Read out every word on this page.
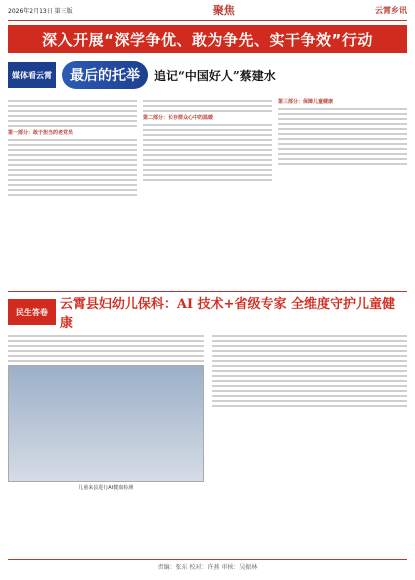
2026年2月13日 第三版	聚焦	云霄乡讯
深入开展“深学争优、敢为争先、实干争效”行动
媒体看云霄	最后的托举	追记“中国好人”蔡建水
第一部分：敢于担当的老党员
第二部分：长存群众心中的温暖
第三部分：保障儿童健康
民生答卷 云霄县妇幼儿保科：AI 技术+省级专家 全维度守护儿童健康
儿童来县进行AI健康检测
责编：张东 校对：许燕 审核：吴振林
